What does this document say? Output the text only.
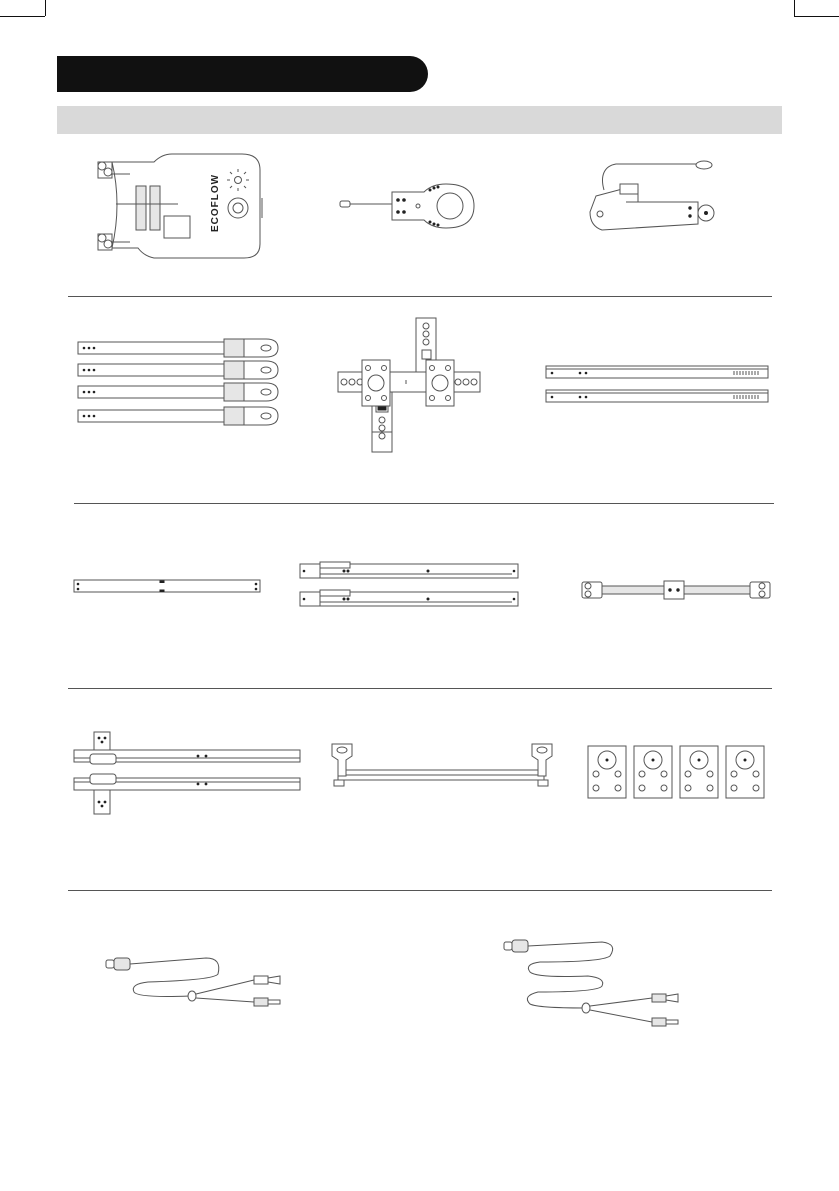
ECOFLOW
